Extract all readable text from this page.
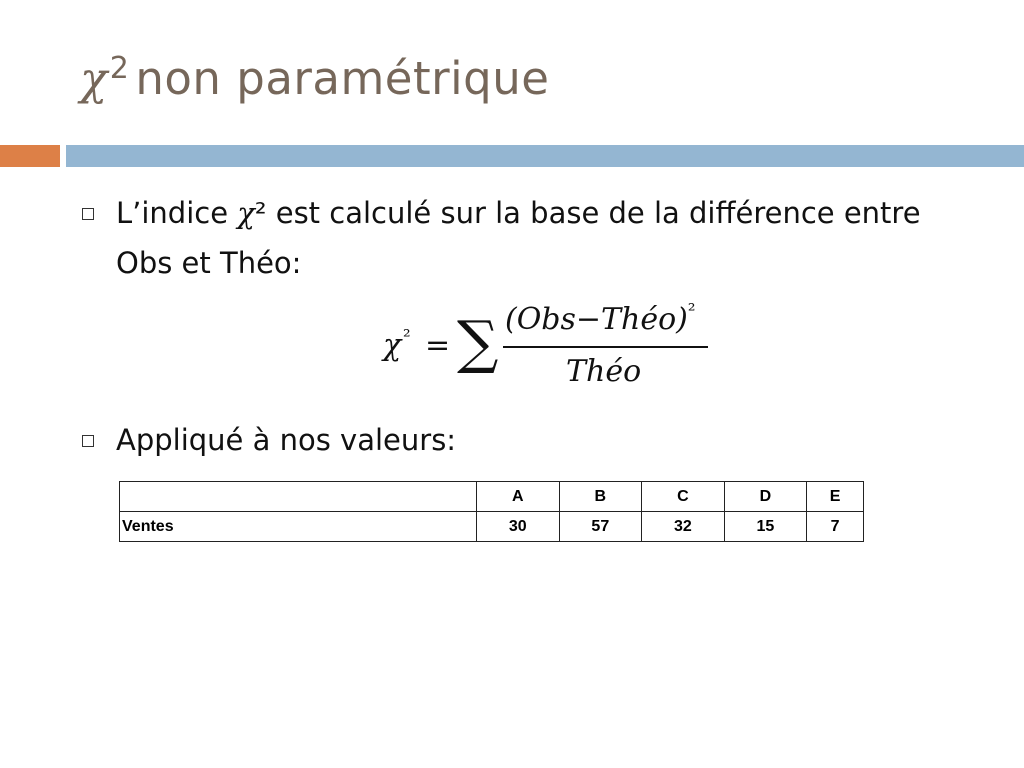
$\chi^2$ non paramétrique
L’indice χ² est calculé sur la base de la différence entre Obs et Théo:
χ ² = ∑ (Obs−Théo)$^{^2}$
Théo
Appliqué à nos valeurs:
	A	B	C	D	E
Ventes	30	57	32	15	7
